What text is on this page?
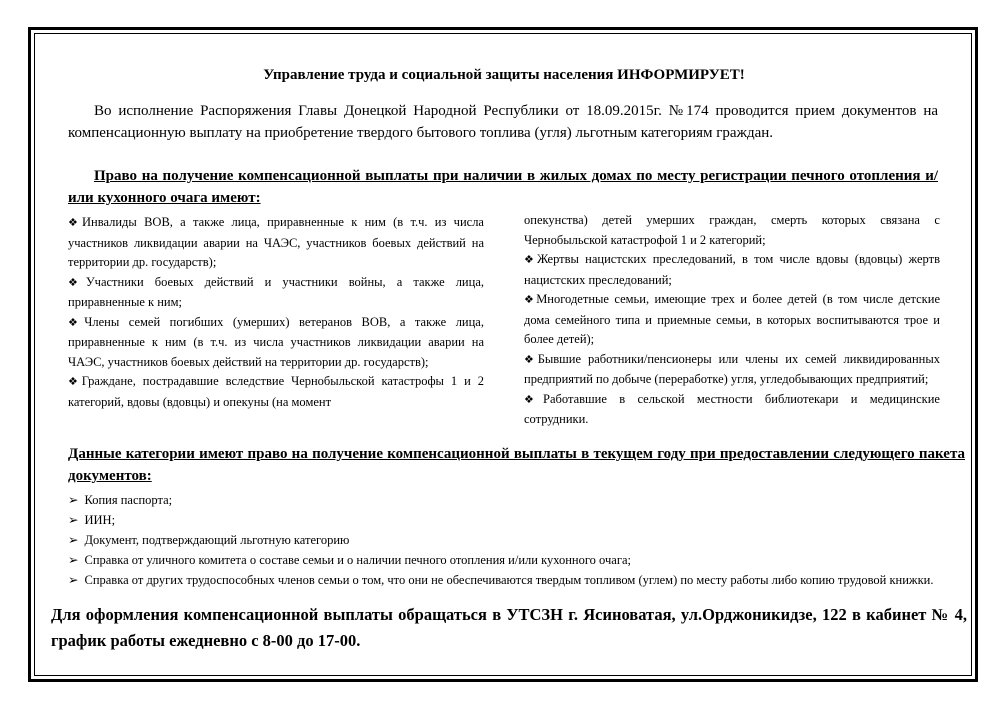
Управление труда и социальной защиты населения ИНФОРМИРУЕТ!
Во исполнение Распоряжения Главы Донецкой Народной Республики от 18.09.2015г. №174 проводится прием документов на компенсационную выплату на приобретение твердого бытового топлива (угля) льготным категориям граждан.
Право на получение компенсационной выплаты при наличии в жилых домах по месту регистрации печного отопления и/или кухонного очага имеют:

❖Инвалиды ВОВ, а также лица, приравненные к ним (в т.ч. из числа участников ликвидации аварии на ЧАЭС, участников боевых действий на территории др. государств);

❖Участники боевых действий и участники войны, а также лица, приравненные к ним;

❖Члены семей погибших (умерших) ветеранов ВОВ, а также лица, приравненные к ним (в т.ч. из числа участников ликвидации аварии на ЧАЭС, участников боевых действий на территории др. государств);

❖Граждане, пострадавшие вследствие Чернобыльской катастрофы 1 и 2 категорий, вдовы (вдовцы) и опекуны (на момент

опекунства) детей умерших граждан, смерть которых связана с Чернобыльской катастрофой 1 и 2 категорий;

❖Жертвы нацистских преследований, в том числе вдовы (вдовцы) жертв нацистских преследований;

❖Многодетные семьи, имеющие трех и более детей (в том числе детские дома семейного типа и приемные семьи, в которых воспитываются трое и более детей);

❖Бывшие работники/пенсионеры или члены их семей ликвидированных предприятий по добыче (переработке) угля, угледобывающих предприятий;

❖Работавшие в сельской местности библиотекари и медицинские сотрудники.

Данные категории имеют право на получение компенсационной выплаты в текущем году при предоставлении следующего пакета документов:

➢ Копия паспорта;

➢ ИИН;

➢ Документ, подтверждающий льготную категорию

➢ Справка от уличного комитета о составе семьи и о наличии печного отопления и/или кухонного очага;

➢ Справка от других трудоспособных членов семьи о том, что они не обеспечиваются твердым топливом (углем) по месту работы либо копию трудовой книжки.

Для оформления компенсационной выплаты обращаться в УТСЗН г. Ясиноватая, ул.Орджоникидзе, 122 в кабинет № 4, график работы ежедневно с 8-00 до 17-00.
